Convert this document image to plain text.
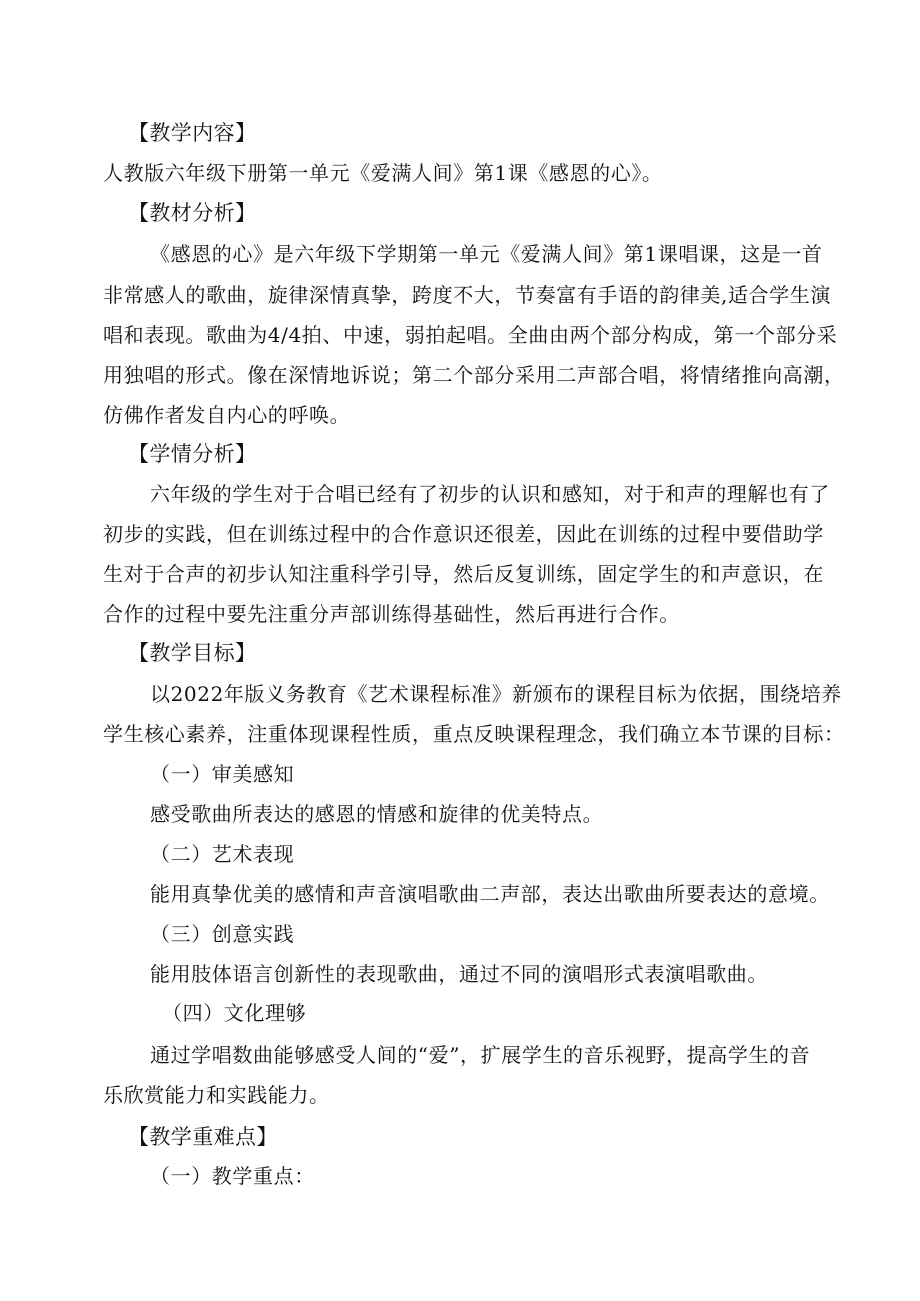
【教学内容】
人教版六年级下册第一单元《爱满人间》第1课《感恩的心》。
【教材分析】
《感恩的心》是六年级下学期第一单元《爱满人间》第1课唱课，这是一首
非常感人的歌曲，旋律深情真挚，跨度不大，节奏富有手语的韵律美,适合学生演
唱和表现。歌曲为4/4拍、中速，弱拍起唱。全曲由两个部分构成，第一个部分采
用独唱的形式。像在深情地诉说；第二个部分采用二声部合唱，将情绪推向高潮，
仿佛作者发自内心的呼唤。
【学情分析】
六年级的学生对于合唱已经有了初步的认识和感知，对于和声的理解也有了
初步的实践，但在训练过程中的合作意识还很差，因此在训练的过程中要借助学
生对于合声的初步认知注重科学引导，然后反复训练，固定学生的和声意识，在
合作的过程中要先注重分声部训练得基础性，然后再进行合作。
【教学目标】
以2022年版义务教育《艺术课程标准》新颁布的课程目标为依据，围绕培养
学生核心素养，注重体现课程性质，重点反映课程理念，我们确立本节课的目标：
（一）审美感知
感受歌曲所表达的感恩的情感和旋律的优美特点。
（二）艺术表现
能用真挚优美的感情和声音演唱歌曲二声部，表达出歌曲所要表达的意境。
（三）创意实践
能用肢体语言创新性的表现歌曲，通过不同的演唱形式表演唱歌曲。
（四）文化理够
通过学唱数曲能够感受人间的“爱”，扩展学生的音乐视野，提高学生的音
乐欣赏能力和实践能力。
【教学重难点】
（一）教学重点：
